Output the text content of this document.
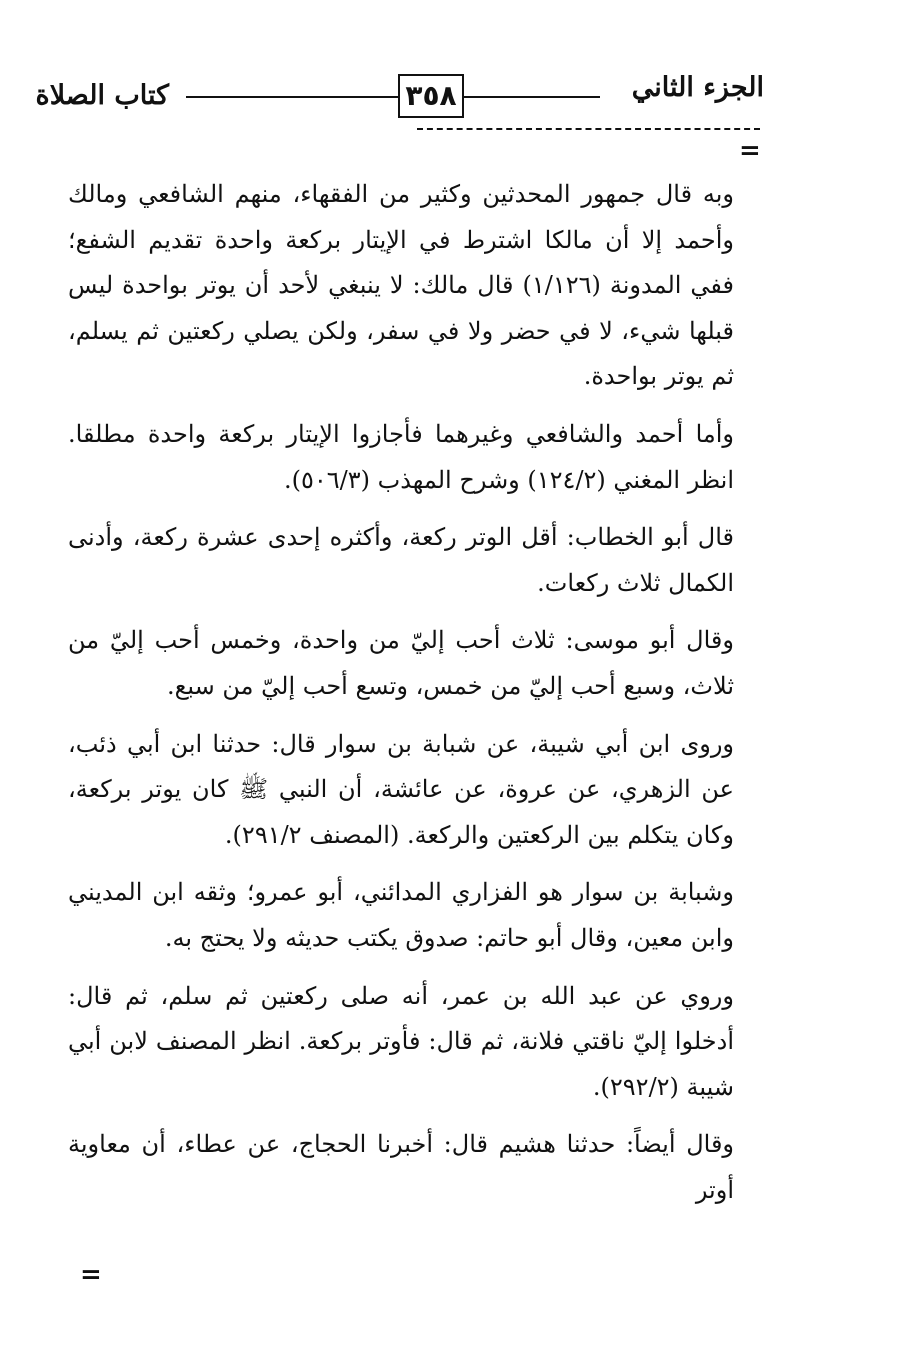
الجزء الثاني
٣٥٨
كتاب الصلاة
=

وبه قال جمهور المحدثين وكثير من الفقهاء، منهم الشافعي ومالك وأحمد إلا أن مالكا اشترط في الإيتار بركعة واحدة تقديم الشفع؛ ففي المدونة (١/١٢٦) قال مالك: لا ينبغي لأحد أن يوتر بواحدة ليس قبلها شيء، لا في حضر ولا في سفر، ولكن يصلي ركعتين ثم يسلم، ثم يوتر بواحدة.

وأما أحمد والشافعي وغيرهما فأجازوا الإيتار بركعة واحدة مطلقا. انظر المغني (١٢٤/٢) وشرح المهذب (٥٠٦/٣).

قال أبو الخطاب: أقل الوتر ركعة، وأكثره إحدى عشرة ركعة، وأدنى الكمال ثلاث ركعات.

وقال أبو موسى: ثلاث أحب إليّ من واحدة، وخمس أحب إليّ من ثلاث، وسبع أحب إليّ من خمس، وتسع أحب إليّ من سبع.

وروى ابن أبي شيبة، عن شبابة بن سوار قال: حدثنا ابن أبي ذئب، عن الزهري، عن عروة، عن عائشة، أن النبي ﷺ كان يوتر بركعة، وكان يتكلم بين الركعتين والركعة. (المصنف ٢٩١/٢).

وشبابة بن سوار هو الفزاري المدائني، أبو عمرو؛ وثقه ابن المديني وابن معين، وقال أبو حاتم: صدوق يكتب حديثه ولا يحتج به.

وروي عن عبد الله بن عمر، أنه صلى ركعتين ثم سلم، ثم قال: أدخلوا إليّ ناقتي فلانة، ثم قال: فأوتر بركعة. انظر المصنف لابن أبي شيبة (٢٩٢/٢).

وقال أيضاً: حدثنا هشيم قال: أخبرنا الحجاج، عن عطاء، أن معاوية أوتر

=
